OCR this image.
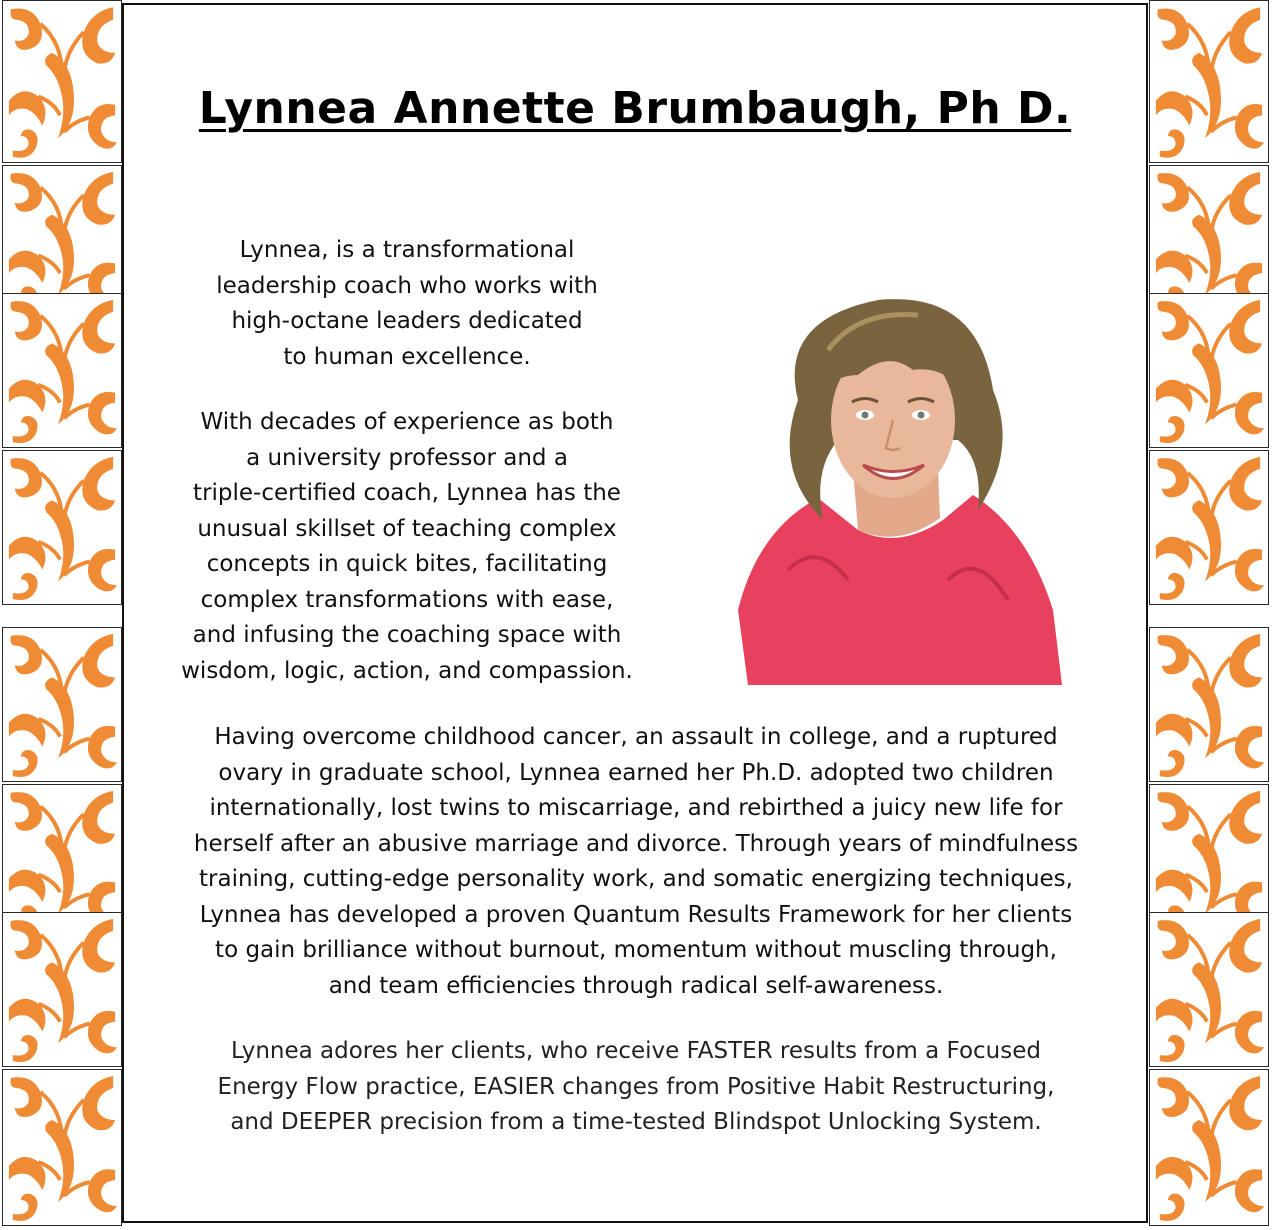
Lynnea Annette Brumbaugh, Ph D.

Lynnea, is a transformational
leadership coach who works with
high-octane leaders dedicated
to human excellence.

With decades of experience as both
a university professor and a
triple-certified coach, Lynnea has the
unusual skillset of teaching complex
concepts in quick bites, facilitating
complex transformations with ease,
and infusing the coaching space with
wisdom, logic, action, and compassion.

Having overcome childhood cancer, an assault in college, and a ruptured
ovary in graduate school, Lynnea earned her Ph.D. adopted two children
internationally, lost twins to miscarriage, and rebirthed a juicy new life for
herself after an abusive marriage and divorce. Through years of mindfulness
training, cutting-edge personality work, and somatic energizing techniques,
Lynnea has developed a proven Quantum Results Framework for her clients
to gain brilliance without burnout, momentum without muscling through,
and team efficiencies through radical self-awareness.

Lynnea adores her clients, who receive FASTER results from a Focused
Energy Flow practice, EASIER changes from Positive Habit Restructuring,
and DEEPER precision from a time-tested Blindspot Unlocking System.
